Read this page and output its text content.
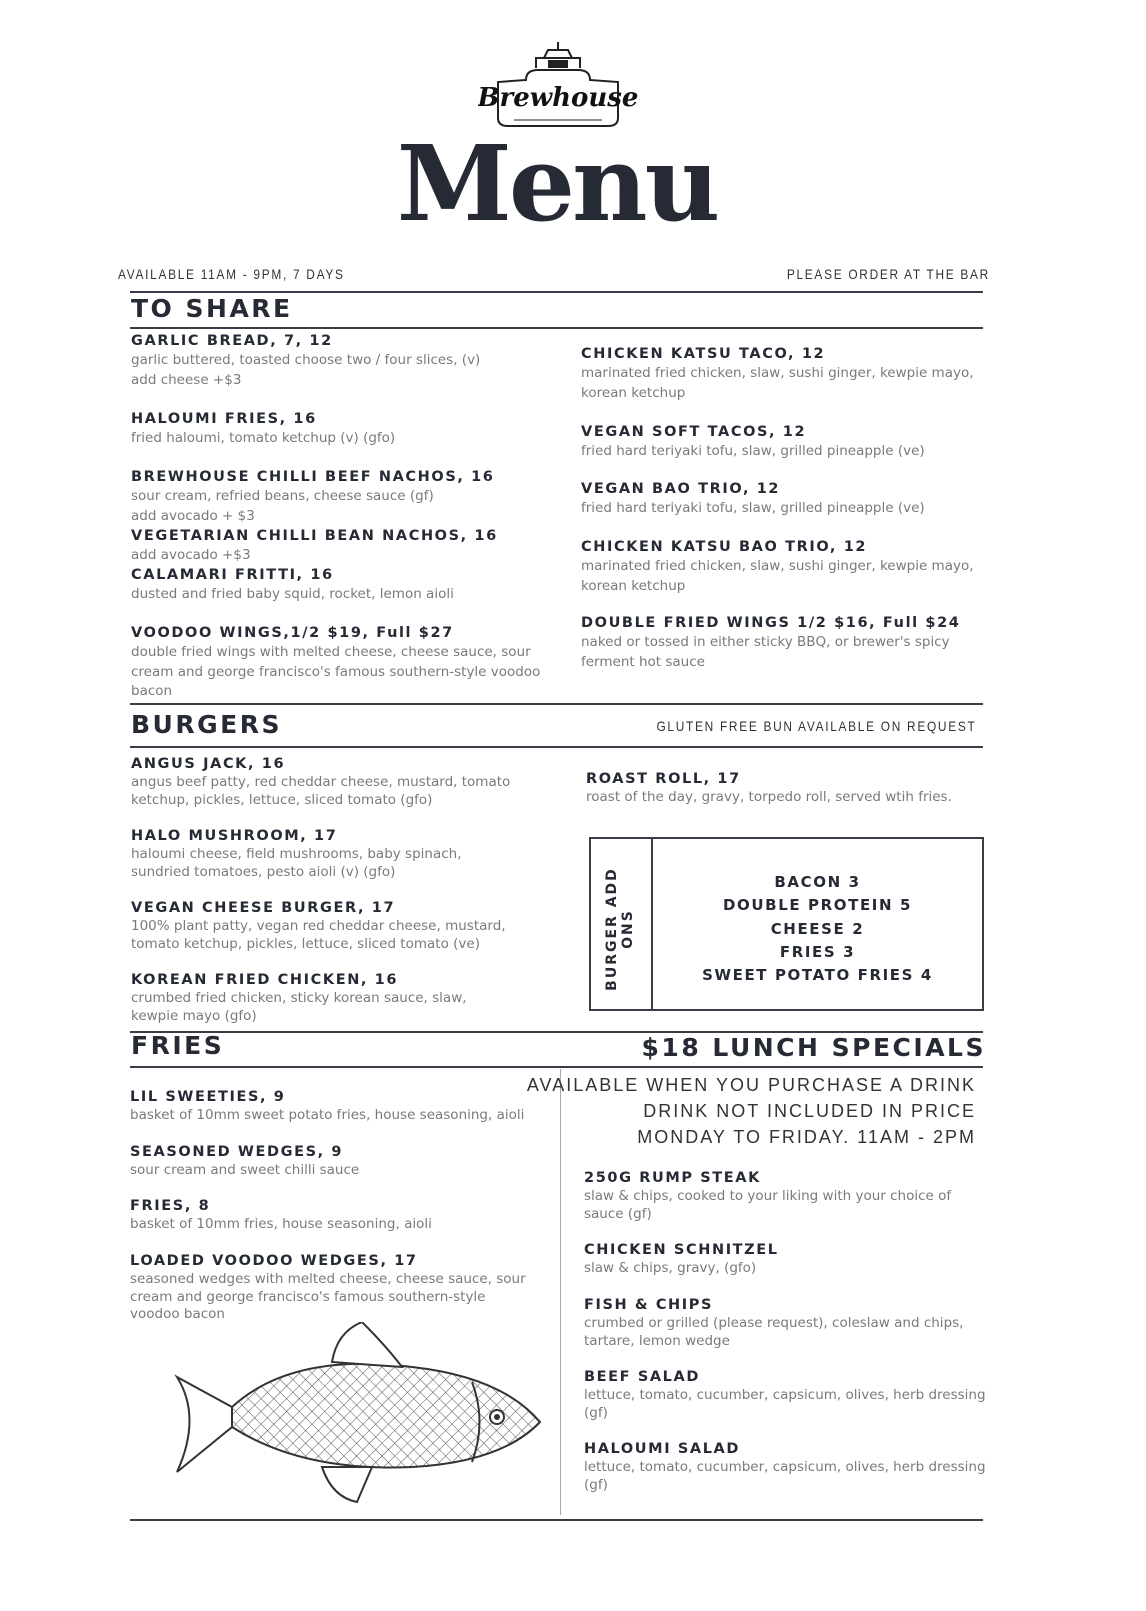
Brewhouse
Menu
AVAILABLE 11AM - 9PM, 7 DAYS	PLEASE ORDER AT THE BAR
TO SHARE
GARLIC BREAD, 7, 12
garlic buttered, toasted choose two / four slices, (v)
add cheese +$3
HALOUMI FRIES, 16
fried haloumi, tomato ketchup (v) (gfo)
BREWHOUSE CHILLI BEEF NACHOS, 16
sour cream, refried beans, cheese sauce (gf)
add avocado + $3
VEGETARIAN CHILLI BEAN NACHOS, 16
add avocado +$3
CALAMARI FRITTI, 16
dusted and fried baby squid, rocket, lemon aioli
VOODOO WINGS,1/2 $19, Full $27
double fried wings with melted cheese, cheese sauce, sour cream and george francisco's famous southern-style voodoo bacon
CHICKEN KATSU TACO, 12
marinated fried chicken, slaw, sushi ginger, kewpie mayo, korean ketchup
VEGAN SOFT TACOS, 12
fried hard teriyaki tofu, slaw, grilled pineapple (ve)
VEGAN BAO TRIO, 12
fried hard teriyaki tofu, slaw, grilled pineapple (ve)
CHICKEN KATSU BAO TRIO, 12
marinated fried chicken, slaw, sushi ginger, kewpie mayo, korean ketchup
DOUBLE FRIED WINGS 1/2 $16, Full $24
naked or tossed in either sticky BBQ, or brewer's spicy ferment hot sauce
BURGERS	GLUTEN FREE BUN AVAILABLE ON REQUEST
ANGUS JACK, 16
angus beef patty, red cheddar cheese, mustard, tomato ketchup, pickles, lettuce, sliced tomato (gfo)
HALO MUSHROOM, 17
haloumi cheese, field mushrooms, baby spinach, sundried tomatoes, pesto aioli (v) (gfo)
VEGAN CHEESE BURGER, 17
100% plant patty, vegan red cheddar cheese, mustard, tomato ketchup, pickles, lettuce, sliced tomato (ve)
KOREAN FRIED CHICKEN, 16
crumbed fried chicken, sticky korean sauce, slaw, kewpie mayo (gfo)
ROAST ROLL, 17
roast of the day, gravy, torpedo roll, served wtih fries.
BURGER ADD ONS
BACON 3
DOUBLE PROTEIN 5
CHEESE 2
FRIES 3
SWEET POTATO FRIES 4
FRIES	$18 LUNCH SPECIALS
AVAILABLE WHEN YOU PURCHASE A DRINK
DRINK NOT INCLUDED IN PRICE
MONDAY TO FRIDAY. 11AM - 2PM
LIL SWEETIES, 9
basket of 10mm sweet potato fries, house seasoning, aioli
SEASONED WEDGES, 9
sour cream and sweet chilli sauce
FRIES, 8
basket of 10mm fries, house seasoning, aioli
LOADED VOODOO WEDGES, 17
seasoned wedges with melted cheese, cheese sauce, sour cream and george francisco's famous southern-style voodoo bacon
250G RUMP STEAK
slaw & chips, cooked to your liking with your choice of sauce (gf)
CHICKEN SCHNITZEL
slaw & chips, gravy, (gfo)
FISH & CHIPS
crumbed or grilled (please request), coleslaw and chips, tartare, lemon wedge
BEEF SALAD
lettuce, tomato, cucumber, capsicum, olives, herb dressing (gf)
HALOUMI SALAD
lettuce, tomato, cucumber, capsicum, olives, herb dressing (gf)
